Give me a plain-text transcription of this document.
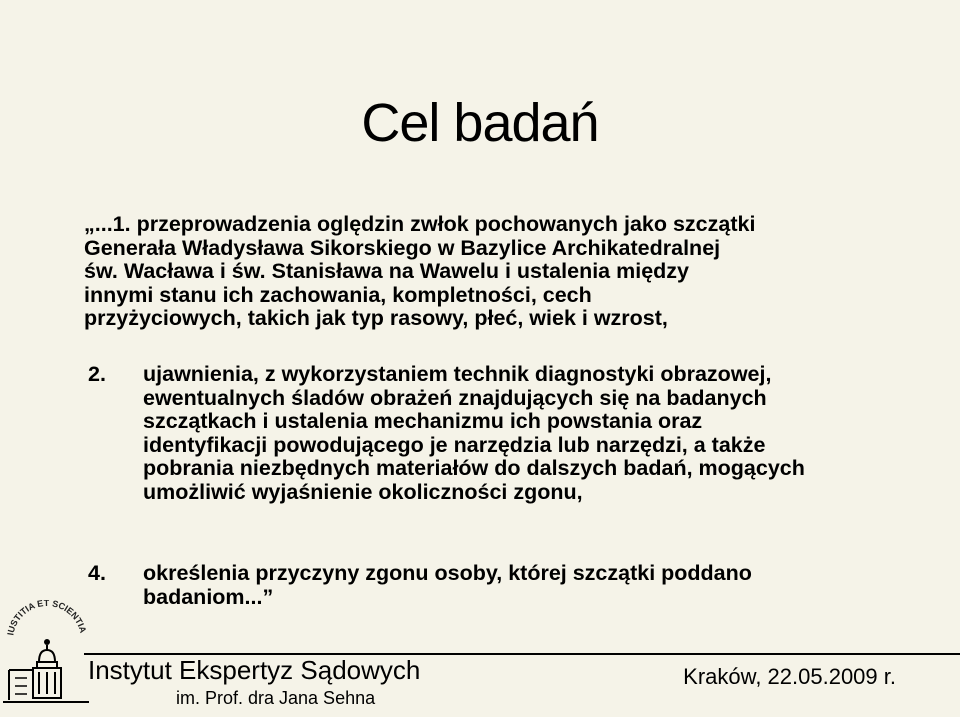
Cel badań
„...1. przeprowadzenia oględzin zwłok pochowanych jako szczątki
Generała Władysława Sikorskiego w Bazylice Archikatedralnej
św. Wacława i św. Stanisława na Wawelu i ustalenia między
innymi stanu ich zachowania, kompletności, cech
przyżyciowych, takich jak typ rasowy, płeć, wiek i wzrost,
2. ujawnienia, z wykorzystaniem technik diagnostyki obrazowej,
ewentualnych śladów obrażeń znajdujących się na badanych
szczątkach i ustalenia mechanizmu ich powstania oraz
identyfikacji powodującego je narzędzia lub narzędzi, a także
pobrania niezbędnych materiałów do dalszych badań, mogących
umożliwić wyjaśnienie okoliczności zgonu,
4. określenia przyczyny zgonu osoby, której szczątki poddano
badaniom...”
IUSTITIA ET SCIENTIA
Instytut Ekspertyz Sądowych
im. Prof. dra Jana Sehna
Kraków, 22.05.2009 r.
